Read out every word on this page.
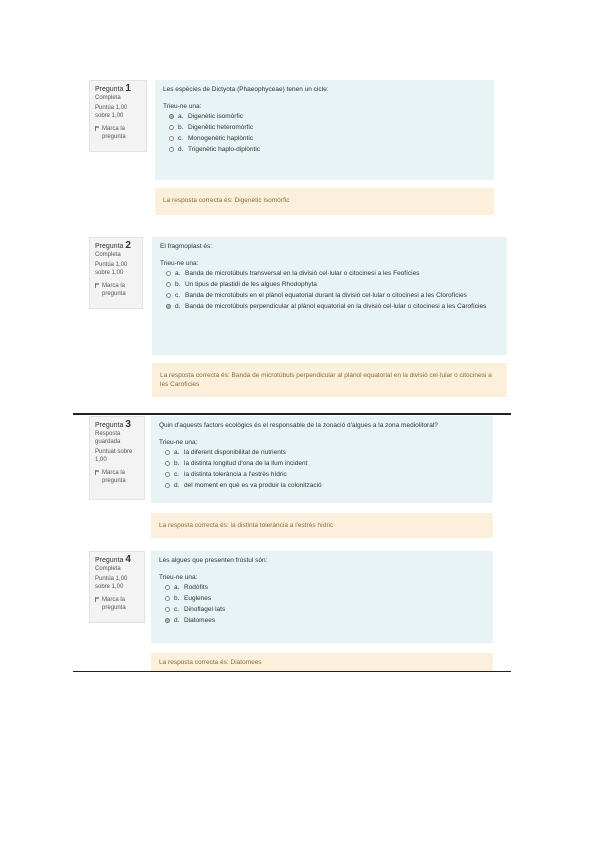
Pregunta 1
Completa
Puntúa 1,00 sobre 1,00
Marca la pregunta
Les espècies de Dictyota (Phaeophyceae) tenen un cicle:
Trieu-ne una:
a. Digenètic isomòrfic
b. Digenètic heteromòrfic
c. Monogenètic haplòntic
d. Trigenètic haplo-diplòntic
La resposta correcta és: Digenètic isomòrfic
Pregunta 2
Completa
Puntúa 1,00 sobre 1,00
Marca la pregunta
El fragmoplast és:
Trieu-ne una:
a. Banda de microtúbuls transversal en la divisió cel·lular o citocinesi a les Feofícies
b. Un tipus de plastidi de les algues Rhodophyta
c. Banda de microtúbuls en el plànol equatorial durant la divisió cel·lular o citocinesi a les Clorofícies
d. Banda de microtúbuls perpendicular al plànol equatorial en la divisió cel·lular o citocinesi a les Carofícies
La resposta correcta és: Banda de microtúbuls perpendicular al plànol equatorial en la divisió cel·lular o citocinesi a les Carofícies
Pregunta 3
Resposta guardada
Puntuat sobre 1,00
Marca la pregunta
Quin d'aquests factors ecològics és el responsable de la zonació d'algues a la zona mediolitoral?
Trieu-ne una:
a. la diferent disponibilitat de nutrients
b. la distinta longitud d'ona de la llum incident
c. la distinta tolerància a l'estrès hídric
d. del moment en què es va produir la colonització
La resposta correcta és: la distinta tolerància a l'estrès hídric
Pregunta 4
Completa
Puntúa 1,00 sobre 1,00
Marca la pregunta
Les algues que presenten frústul són:
Trieu-ne una:
a. Rodòfits
b. Euglenes
c. Dinoflagel·lats
d. Diatomees
La resposta correcta és: Diatomees
